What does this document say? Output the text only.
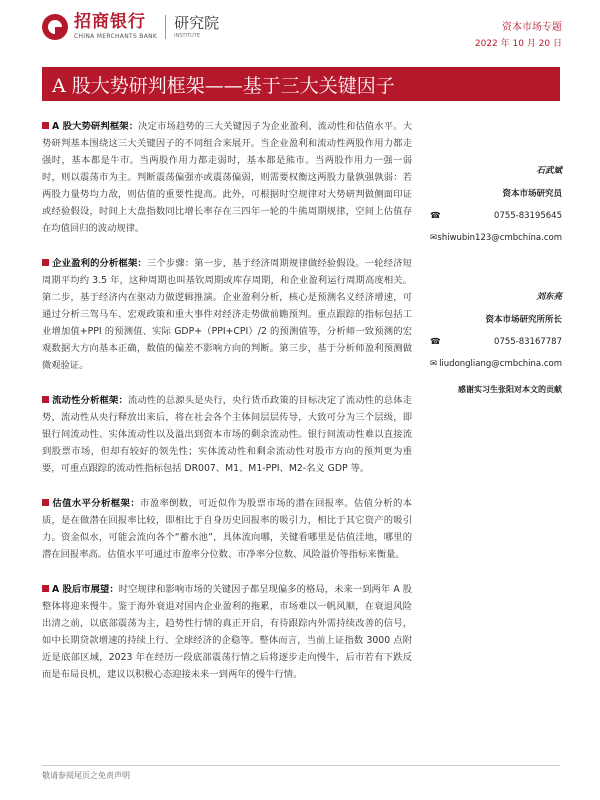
招商银行
CHINA MERCHANTS BANK
研究院
INSTITUTE
资本市场专题
2022 年 10 月 20 日
A 股大势研判框架——基于三大关键因子

A 股大势研判框架：决定市场趋势的三大关键因子为企业盈利、流动性和估值水平。大势研判基本围绕这三大关键因子的不同组合来展开。当企业盈利和流动性两股作用力都走强时，基本都是牛市。当两股作用力都走弱时，基本都是熊市。当两股作用力一强一弱时，则以震荡市为主。判断震荡偏强亦或震荡偏弱，则需要权衡这两股力量孰强孰弱：若两股力量势均力敌，则估值的重要性提高。此外，可根据时空规律对大势研判做侧面印证或经验假设，时间上大盘指数同比增长率存在三四年一轮的牛熊周期规律，空间上估值存在均值回归的波动规律。

企业盈利的分析框架：三个步骤：第一步，基于经济周期规律做经验假设。一轮经济短周期平均约 3.5 年，这种周期也叫基钦周期或库存周期，和企业盈利运行周期高度相关。第二步，基于经济内在驱动力做逻辑推演。企业盈利分析，核心是预测名义经济增速，可通过分析三驾马车、宏观政策和重大事件对经济走势做前瞻预判。重点跟踪的指标包括工业增加值+PPI 的预测值、实际 GDP+（PPI+CPI）/2 的预测值等，分析师一致预测的宏观数据大方向基本正确，数值的偏差不影响方向的判断。第三步，基于分析师盈利预测做微观验证。

流动性分析框架：流动性的总源头是央行，央行货币政策的目标决定了流动性的总体走势，流动性从央行释放出来后，将在社会各个主体间层层传导，大致可分为三个层级，即银行间流动性、实体流动性以及溢出到资本市场的剩余流动性。银行间流动性难以直接流到股票市场，但却有较好的领先性；实体流动性和剩余流动性对股市方向的预判更为重要，可重点跟踪的流动性指标包括 DR007、M1、M1-PPI、M2-名义 GDP 等。

估值水平分析框架：市盈率倒数，可近似作为股票市场的潜在回报率。估值分析的本质，是在做潜在回报率比较，即相比于自身历史回报率的吸引力，相比于其它资产的吸引力。资金似水，可能会流向各个“蓄水池”，具体流向哪，关键看哪里是估值洼地，哪里的潜在回报率高。估值水平可通过市盈率分位数、市净率分位数、风险溢价等指标来衡量。

A 股后市展望：时空规律和影响市场的关键因子都呈现偏多的格局，未来一到两年 A 股整体将迎来慢牛。鉴于海外衰退对国内企业盈利的拖累，市场难以一帆风顺，在衰退风险出清之前，以底部震荡为主，趋势性行情的真正开启，有待跟踪内外需持续改善的信号，如中长期贷款增速的持续上行、全球经济的企稳等。整体而言，当前上证指数 3000 点附近是底部区域，2023 年在经历一段底部震荡行情之后将逐步走向慢牛，后市若有下跌反而是布局良机，建议以积极心态迎接未来一到两年的慢牛行情。

石武斌
资本市场研究员
☎	0755-83195645
✉ shiwubin123@cmbchina.com
刘东亮
资本市场研究所所长
☎	0755-83167787
✉ liudongliang@cmbchina.com
感谢实习生张阳对本文的贡献
敬请参阅尾页之免责声明
